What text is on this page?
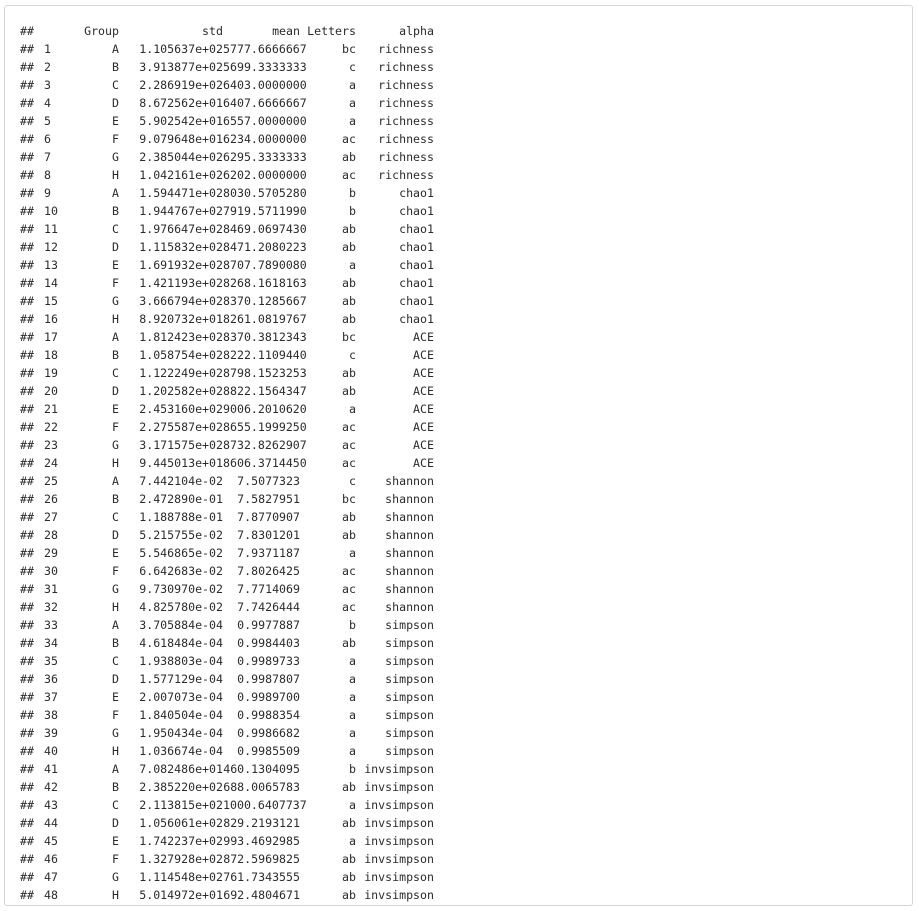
##	Group	std	mean Letters	alpha
## 1	A	1.105637e+02 5777.6666667	bc	richness
## 2	B	3.913877e+02 5699.3333333	c	richness
## 3	C	2.286919e+02 6403.0000000	a	richness
## 4	D	8.672562e+01 6407.6666667	a	richness
## 5	E	5.902542e+01 6557.0000000	a	richness
## 6	F	9.079648e+01 6234.0000000	ac	richness
## 7	G	2.385044e+02 6295.3333333	ab	richness
## 8	H	1.042161e+02 6202.0000000	ac	richness
## 9	A	1.594471e+02 8030.5705280	b	chao1
## 10	B	1.944767e+02 7919.5711990	b	chao1
## 11	C	1.976647e+02 8469.0697430	ab	chao1
## 12	D	1.115832e+02 8471.2080223	ab	chao1
## 13	E	1.691932e+02 8707.7890080	a	chao1
## 14	F	1.421193e+02 8268.1618163	ab	chao1
## 15	G	3.666794e+02 8370.1285667	ab	chao1
## 16	H	8.920732e+01 8261.0819767	ab	chao1
## 17	A	1.812423e+02 8370.3812343	bc	ACE
## 18	B	1.058754e+02 8222.1109440	c	ACE
## 19	C	1.122249e+02 8798.1523253	ab	ACE
## 20	D	1.202582e+02 8822.1564347	ab	ACE
## 21	E	2.453160e+02 9006.2010620	a	ACE
## 22	F	2.275587e+02 8655.1999250	ac	ACE
## 23	G	3.171575e+02 8732.8262907	ac	ACE
## 24	H	9.445013e+01 8606.3714450	ac	ACE
## 25	A	7.442104e-02	7.5077323	c	shannon
## 26	B	2.472890e-01	7.5827951	bc	shannon
## 27	C	1.188788e-01	7.8770907	ab	shannon
## 28	D	5.215755e-02	7.8301201	ab	shannon
## 29	E	5.546865e-02	7.9371187	a	shannon
## 30	F	6.642683e-02	7.8026425	ac	shannon
## 31	G	9.730970e-02	7.7714069	ac	shannon
## 32	H	4.825780e-02	7.7426444	ac	shannon
## 33	A	3.705884e-04	0.9977887	b	simpson
## 34	B	4.618484e-04	0.9984403	ab	simpson
## 35	C	1.938803e-04	0.9989733	a	simpson
## 36	D	1.577129e-04	0.9987807	a	simpson
## 37	E	2.007073e-04	0.9989700	a	simpson
## 38	F	1.840504e-04	0.9988354	a	simpson
## 39	G	1.950434e-04	0.9986682	a	simpson
## 40	H	1.036674e-04	0.9985509	a	simpson
## 41	A	7.082486e+01 460.1304095	b invsimpson
## 42	B	2.385220e+02 688.0065783	ab invsimpson
## 43	C	2.113815e+02 1000.6407737	a invsimpson
## 44	D	1.056061e+02 829.2193121	ab invsimpson
## 45	E	1.742237e+02 993.4692985	a invsimpson
## 46	F	1.327928e+02 872.5969825	ab invsimpson
## 47	G	1.114548e+02 761.7343555	ab invsimpson
## 48	H	5.014972e+01 692.4804671	ab invsimpson
